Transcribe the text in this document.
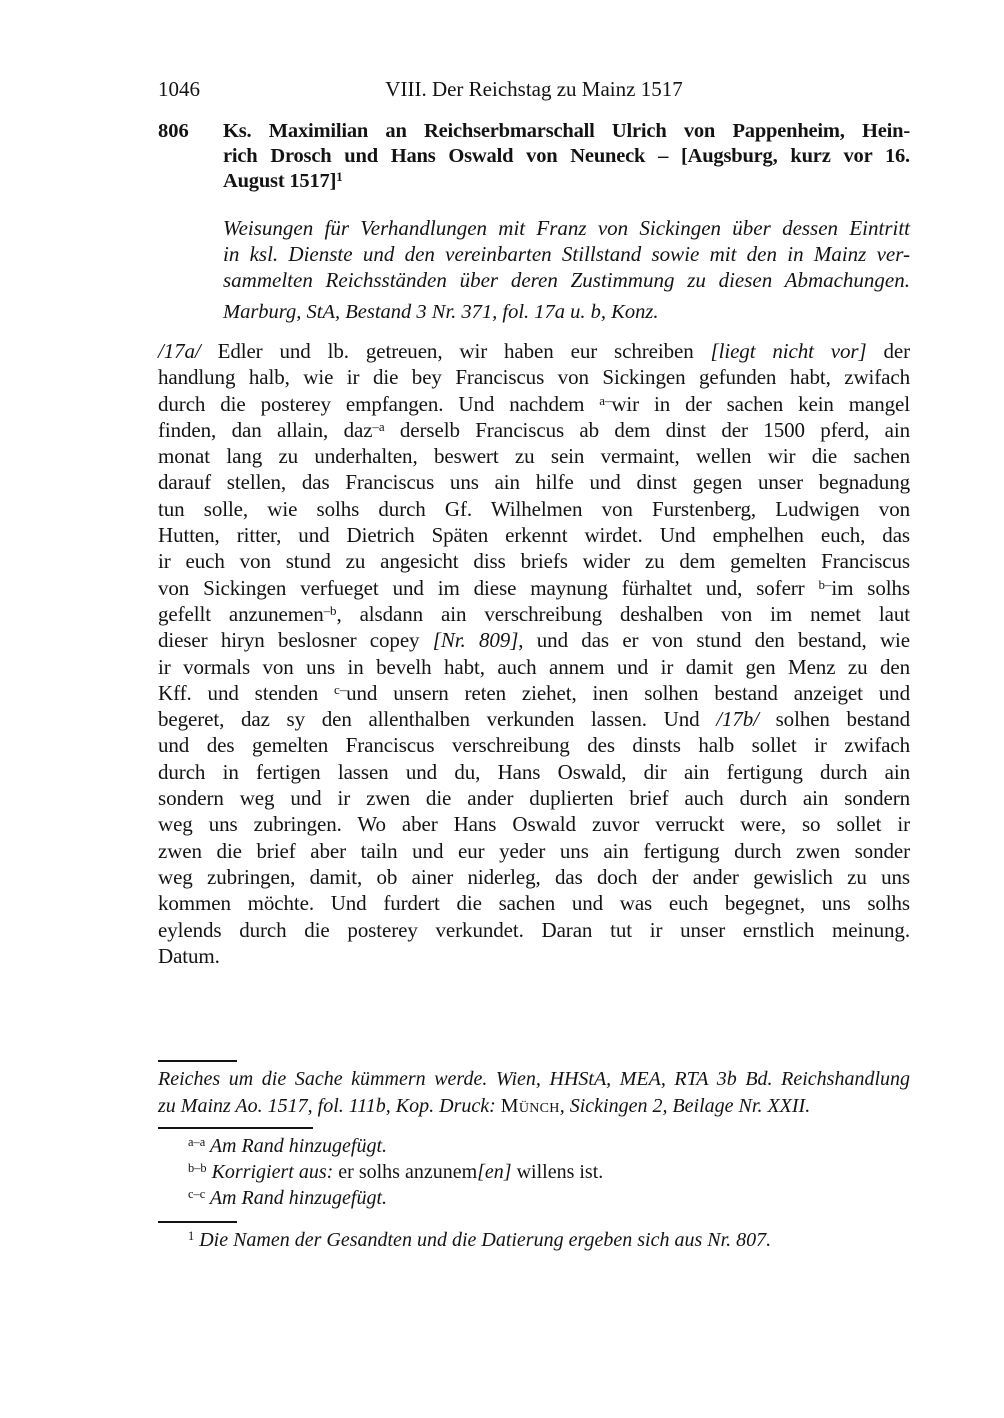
1046	VIII. Der Reichstag zu Mainz 1517
806 Ks. Maximilian an Reichserbmarschall Ulrich von Pappenheim, Hein-
rich Drosch und Hans Oswald von Neuneck – [Augsburg, kurz vor 16.
August 1517]$^1$
Weisungen für Verhandlungen mit Franz von Sickingen über dessen Eintritt
in ksl. Dienste und den vereinbarten Stillstand sowie mit den in Mainz ver-
sammelten Reichsständen über deren Zustimmung zu diesen Abmachungen.
Marburg, StA, Bestand 3 Nr. 371, fol. 17a u. b, Konz.
/17a/ Edler und lb. getreuen, wir haben eur schreiben [liegt nicht vor] der
handlung halb, wie ir die bey Franciscus von Sickingen gefunden habt, zwifach
durch die posterey empfangen. Und nachdem $^{a-}$wir in der sachen kein mangel
finden, dan allain, daz$^{-a}$ derselb Franciscus ab dem dinst der 1500 pferd, ain
monat lang zu underhalten, beswert zu sein vermaint, wellen wir die sachen
darauf stellen, das Franciscus uns ain hilfe und dinst gegen unser begnadung
tun solle, wie solhs durch Gf. Wilhelmen von Furstenberg, Ludwigen von
Hutten, ritter, und Dietrich Späten erkennt wirdet. Und emphelhen euch, das
ir euch von stund zu angesicht diss briefs wider zu dem gemelten Franciscus
von Sickingen verfueget und im diese maynung fürhaltet und, soferr $^{b-}$im solhs
gefellt anzunemen$^{-b}$, alsdann ain verschreibung deshalben von im nemet laut
dieser hiryn beslosner copey [Nr. 809], und das er von stund den bestand, wie
ir vormals von uns in bevelh habt, auch annem und ir damit gen Menz zu den
Kff. und stenden $^{c-}$und unsern reten ziehet, inen solhen bestand anzeiget und
begeret, daz sy den allenthalben verkunden lassen. Und /17b/ solhen bestand
und des gemelten Franciscus verschreibung des dinsts halb sollet ir zwifach
durch in fertigen lassen und du, Hans Oswald, dir ain fertigung durch ain
sondern weg und ir zwen die ander duplierten brief auch durch ain sondern
weg uns zubringen. Wo aber Hans Oswald zuvor verruckt were, so sollet ir
zwen die brief aber tailn und eur yeder uns ain fertigung durch zwen sonder
weg zubringen, damit, ob ainer niderleg, das doch der ander gewislich zu uns
kommen möchte. Und furdert die sachen und was euch begegnet, uns solhs
eylends durch die posterey verkundet. Daran tut ir unser ernstlich meinung.
Datum.
Reiches um die Sache kümmern werde. Wien, HHStA, MEA, RTA 3b Bd. Reichshandlung
zu Mainz Ao. 1517, fol. 111b, Kop. Druck: Münch, Sickingen 2, Beilage Nr. XXII.
$^{a-a}$ Am Rand hinzugefügt.
$^{b-b}$ Korrigiert aus: er solhs anzunem[en] willens ist.
$^{c-c}$ Am Rand hinzugefügt.
$^1$ Die Namen der Gesandten und die Datierung ergeben sich aus Nr. 807.
